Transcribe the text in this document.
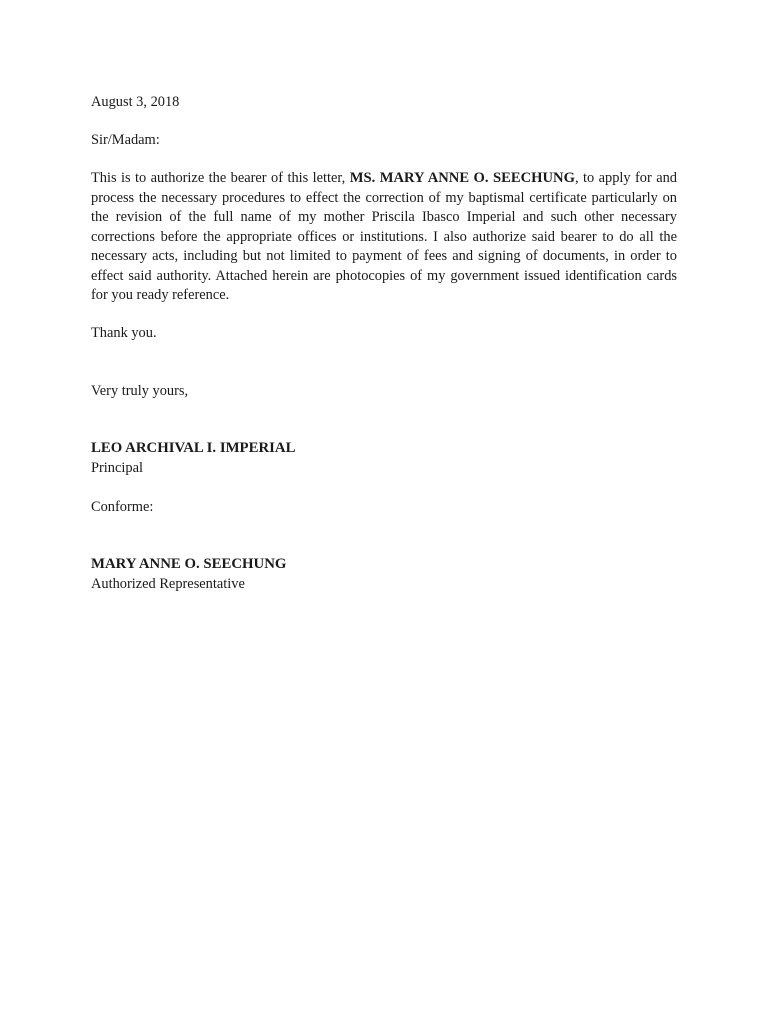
August 3, 2018
Sir/Madam:
This is to authorize the bearer of this letter, MS. MARY ANNE O. SEECHUNG, to apply for and process the necessary procedures to effect the correction of my baptismal certificate particularly on the revision of the full name of my mother Priscila Ibasco Imperial and such other necessary corrections before the appropriate offices or institutions. I also authorize said bearer to do all the necessary acts, including but not limited to payment of fees and signing of documents, in order to effect said authority. Attached herein are photocopies of my government issued identification cards for you ready reference.
Thank you.
Very truly yours,
LEO ARCHIVAL I. IMPERIAL
Principal
Conforme:
MARY ANNE O. SEECHUNG
Authorized Representative
